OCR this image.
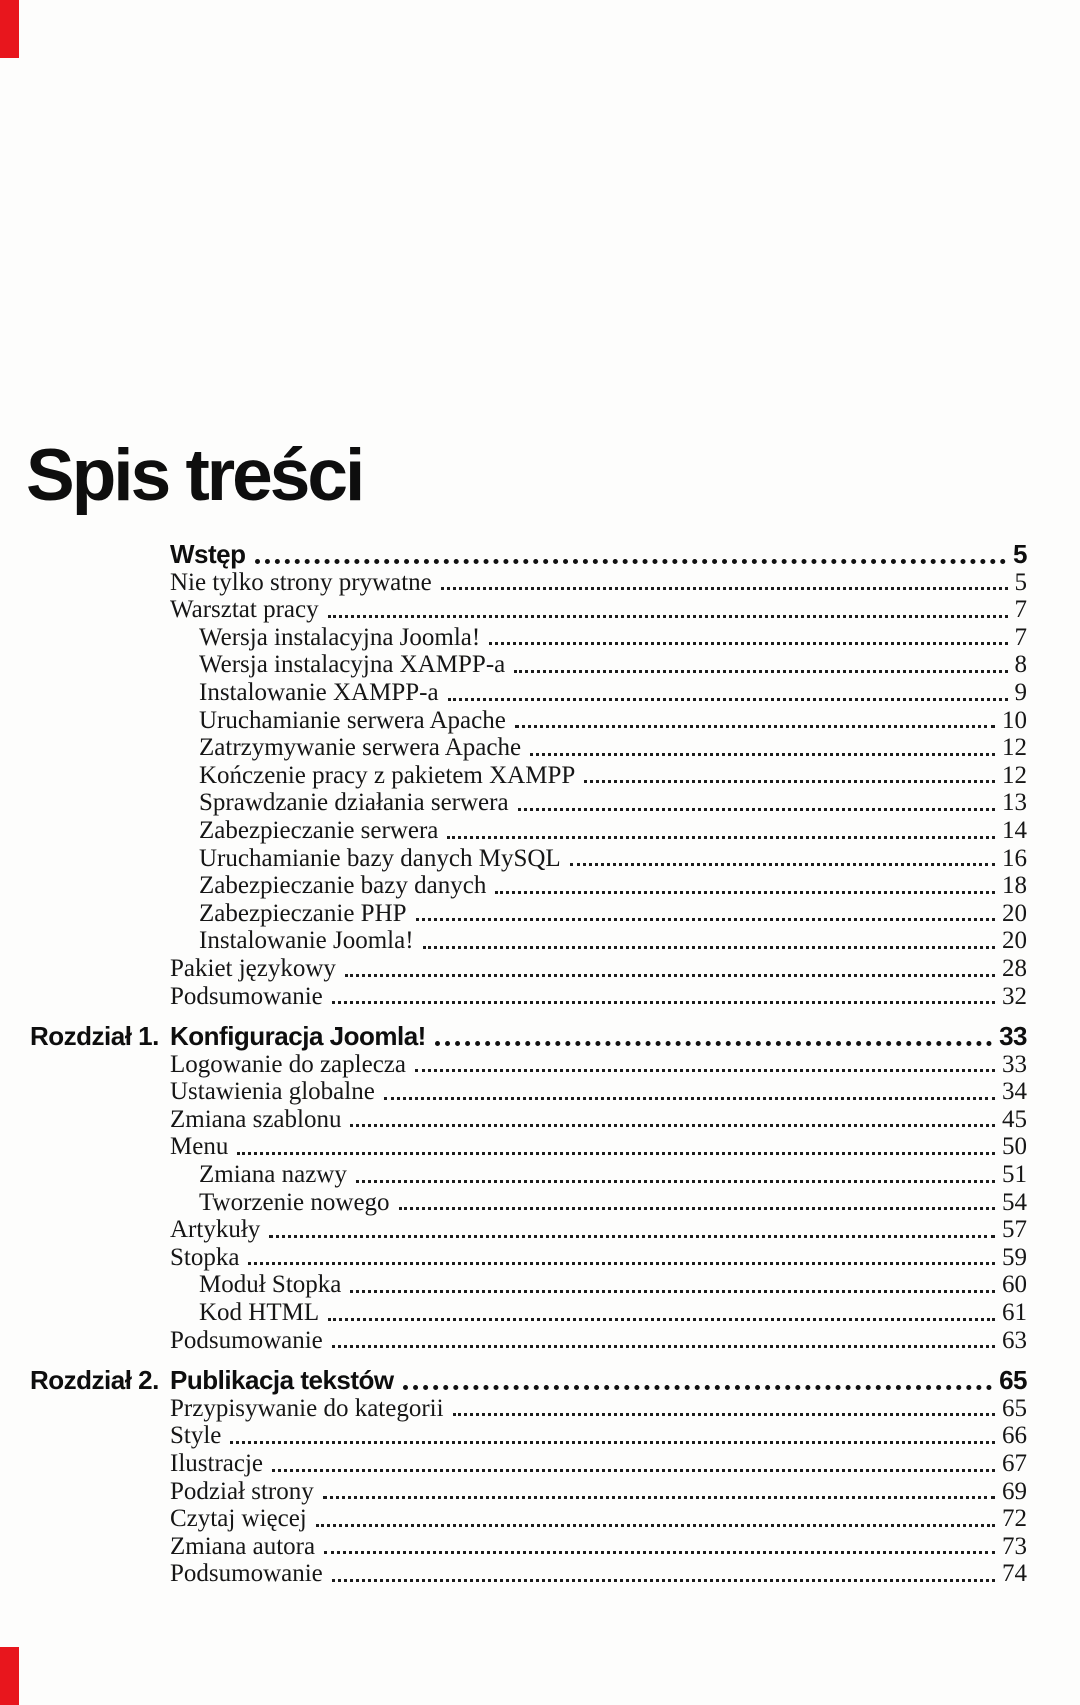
Spis treści
Wstęp	5
Nie tylko strony prywatne	5
Warsztat pracy	7
Wersja instalacyjna Joomla!	7
Wersja instalacyjna XAMPP-a	8
Instalowanie XAMPP-a	9
Uruchamianie serwera Apache	10
Zatrzymywanie serwera Apache	12
Kończenie pracy z pakietem XAMPP	12
Sprawdzanie działania serwera	13
Zabezpieczanie serwera	14
Uruchamianie bazy danych MySQL	16
Zabezpieczanie bazy danych	18
Zabezpieczanie PHP	20
Instalowanie Joomla!	20
Pakiet językowy	28
Podsumowanie	32
Rozdział 1. Konfiguracja Joomla!	33
Logowanie do zaplecza	33
Ustawienia globalne	34
Zmiana szablonu	45
Menu	50
Zmiana nazwy	51
Tworzenie nowego	54
Artykuły	57
Stopka	59
Moduł Stopka	60
Kod HTML	61
Podsumowanie	63
Rozdział 2. Publikacja tekstów	65
Przypisywanie do kategorii	65
Style	66
Ilustracje	67
Podział strony	69
Czytaj więcej	72
Zmiana autora	73
Podsumowanie	74
